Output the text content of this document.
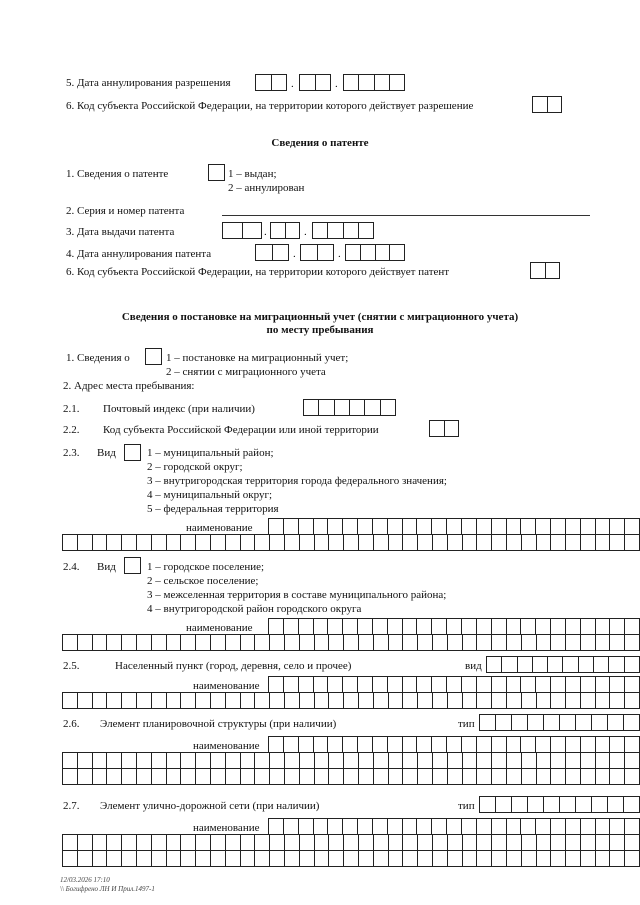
5. Дата аннулирования разрешения	.	.
6. Код субъекта Российской Федерации, на территории которого действует разрешение
Сведения о патенте
1. Сведения о патенте	1 – выдан;
2 – аннулирован
2. Серия и номер патента
3. Дата выдачи патента	.	.
4. Дата аннулирования патента	.	.
6. Код субъекта Российской Федерации, на территории которого действует патент
Сведения о постановке на миграционный учет (снятии с миграционного учета)
по месту пребывания
1. Сведения о	1 – постановке на миграционный учет;
2 – снятии с миграционного учета
2. Адрес места пребывания:
2.1. Почтовый индекс (при наличии)
2.2. Код субъекта Российской Федерации или иной территории
2.3. Вид	1 – муниципальный район;
2 – городской округ;
3 – внутригородская территория города федерального значения;
4 – муниципальный округ;
5 – федеральная территория
наименование
2.4. Вид	1 – городское поселение;
2 – сельское поселение;
3 – межселенная территория в составе муниципального района;
4 – внутригородской район городского округа
наименование
2.5.	Населенный пункт (город, деревня, село и прочее)	вид
наименование
2.6. Элемент планировочной структуры (при наличии)	тип
наименование
2.7. Элемент улично-дорожной сети (при наличии)	тип
наименование
12/03.2026 17:10
\\ Богифрено ЛН И Прил.1497-1
